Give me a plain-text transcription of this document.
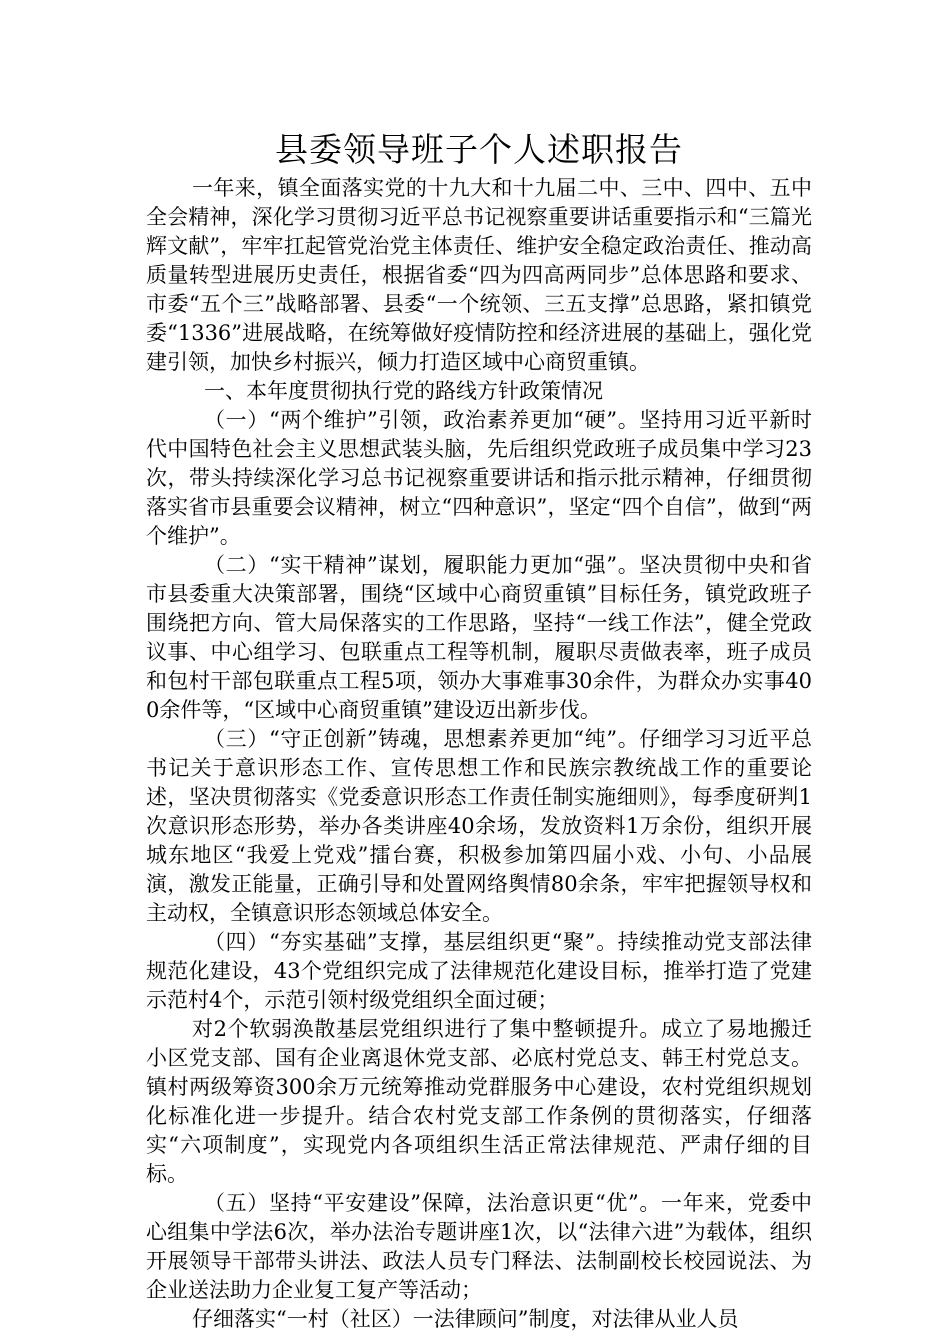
县委领导班子个人述职报告

一年来，镇全面落实党的十九大和十九届二中、三中、四中、五中全会精神，深化学习贯彻习近平总书记视察重要讲话重要指示和“三篇光辉文献”，牢牢扛起管党治党主体责任、维护安全稳定政治责任、推动高质量转型进展历史责任，根据省委“四为四高两同步”总体思路和要求、市委“五个三”战略部署、县委“一个统领、三五支撑”总思路，紧扣镇党委“1336”进展战略，在统筹做好疫情防控和经济进展的基础上，强化党建引领，加快乡村振兴，倾力打造区域中心商贸重镇。

一、本年度贯彻执行党的路线方针政策情况

（一）“两个维护”引领，政治素养更加“硬”。坚持用习近平新时代中国特色社会主义思想武装头脑，先后组织党政班子成员集中学习23次，带头持续深化学习总书记视察重要讲话和指示批示精神，仔细贯彻落实省市县重要会议精神，树立“四种意识”，坚定“四个自信”，做到“两个维护”。

（二）“实干精神”谋划，履职能力更加“强”。坚决贯彻中央和省市县委重大决策部署，围绕“区域中心商贸重镇”目标任务，镇党政班子围绕把方向、管大局保落实的工作思路，坚持“一线工作法”，健全党政议事、中心组学习、包联重点工程等机制，履职尽责做表率，班子成员和包村干部包联重点工程5项，领办大事难事30余件，为群众办实事400余件等，“区域中心商贸重镇”建设迈出新步伐。

（三）“守正创新”铸魂，思想素养更加“纯”。仔细学习习近平总书记关于意识形态工作、宣传思想工作和民族宗教统战工作的重要论述，坚决贯彻落实《党委意识形态工作责任制实施细则》，每季度研判1次意识形态形势，举办各类讲座40余场，发放资料1万余份，组织开展城东地区“我爱上党戏”擂台赛，积极参加第四届小戏、小句、小品展演，激发正能量，正确引导和处置网络舆情80余条，牢牢把握领导权和主动权，全镇意识形态领域总体安全。

（四）“夯实基础”支撑，基层组织更“聚”。持续推动党支部法律规范化建设，43个党组织完成了法律规范化建设目标，推举打造了党建示范村4个，示范引领村级党组织全面过硬；

对2个软弱涣散基层党组织进行了集中整顿提升。成立了易地搬迁小区党支部、国有企业离退休党支部、必底村党总支、韩王村党总支。镇村两级筹资300余万元统筹推动党群服务中心建设，农村党组织规划化标准化进一步提升。结合农村党支部工作条例的贯彻落实，仔细落实“六项制度”，实现党内各项组织生活正常法律规范、严肃仔细的目标。

（五）坚持“平安建设”保障，法治意识更“优”。一年来，党委中心组集中学法6次，举办法治专题讲座1次，以“法律六进”为载体，组织开展领导干部带头讲法、政法人员专门释法、法制副校长校园说法、为企业送法助力企业复工复产等活动；

仔细落实“一村（社区）一法律顾问”制度，对法律从业人员
